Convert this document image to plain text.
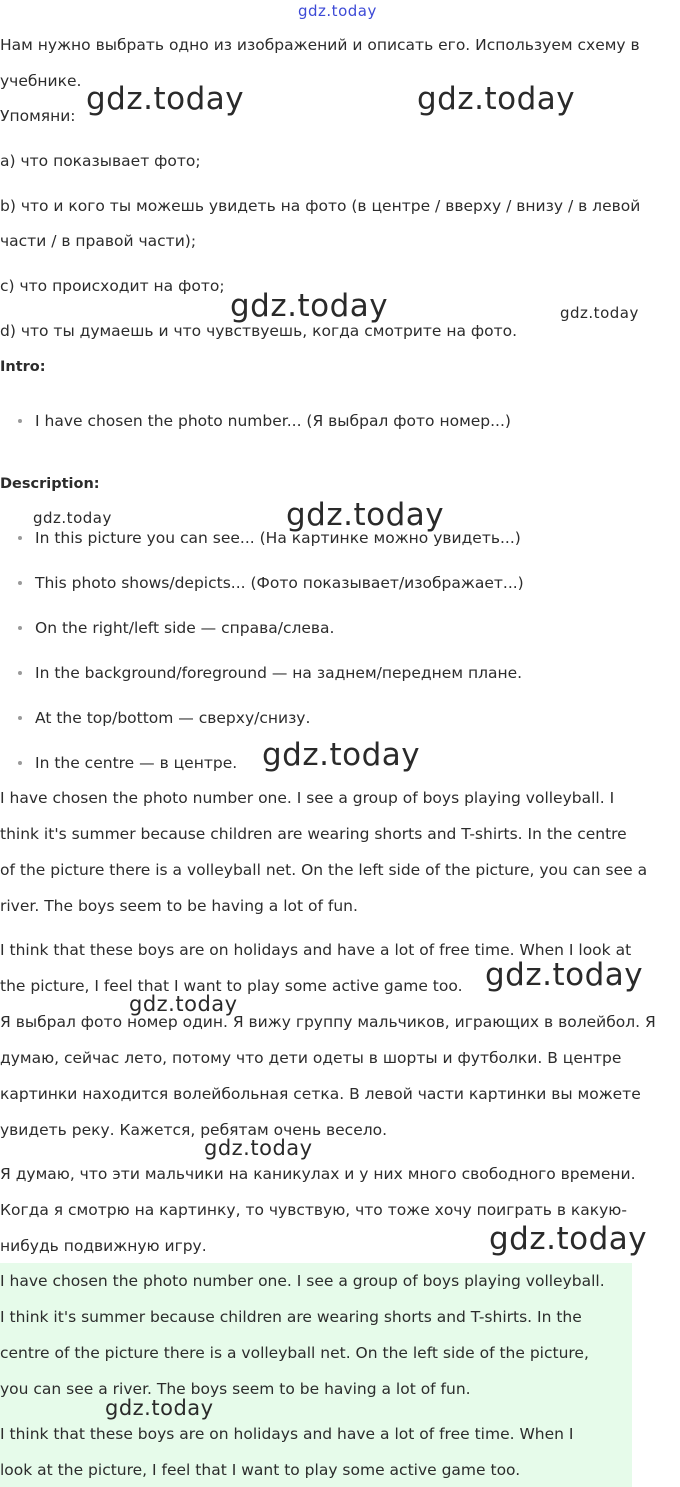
gdz.today
Нам нужно выбрать одно из изображений и описать его. Используем схему в
учебнике.
Упомяни:
a) что показывает фото;
b) что и кого ты можешь увидеть на фото (в центре / вверху / внизу / в левой
части / в правой части);
c) что происходит на фото;
d) что ты думаешь и что чувствуешь, когда смотрите на фото.
Intro:
I have chosen the photo number... (Я выбрал фото номер...)
Description:
In this picture you can see... (На картинке можно увидеть...)
This photo shows/depicts... (Фото показывает/изображает...)
On the right/left side — справа/слева.
In the background/foreground — на заднем/переднем плане.
At the top/bottom — сверху/снизу.
In the centre — в центре.
I have chosen the photo number one. I see a group of boys playing volleyball. I
think it's summer because children are wearing shorts and T-shirts. In the centre
of the picture there is a volleyball net. On the left side of the picture, you can see a
river. The boys seem to be having a lot of fun.
I think that these boys are on holidays and have a lot of free time. When I look at
the picture, I feel that I want to play some active game too.
Я выбрал фото номер один. Я вижу группу мальчиков, играющих в волейбол. Я
думаю, сейчас лето, потому что дети одеты в шорты и футболки. В центре
картинки находится волейбольная сетка. В левой части картинки вы можете
увидеть реку. Кажется, ребятам очень весело.
Я думаю, что эти мальчики на каникулах и у них много свободного времени.
Когда я смотрю на картинку, то чувствую, что тоже хочу поиграть в какую-
нибудь подвижную игру.
I have chosen the photo number one. I see a group of boys playing volleyball.
I think it's summer because children are wearing shorts and T-shirts. In the
centre of the picture there is a volleyball net. On the left side of the picture,
you can see a river. The boys seem to be having a lot of fun.
I think that these boys are on holidays and have a lot of free time. When I
look at the picture, I feel that I want to play some active game too.
gdz.today	gdz.today
gdz.today	gdz.today
gdz.today	gdz.today
gdz.today
gdz.today
gdz.today
gdz.today
gdz.today
gdz.today
